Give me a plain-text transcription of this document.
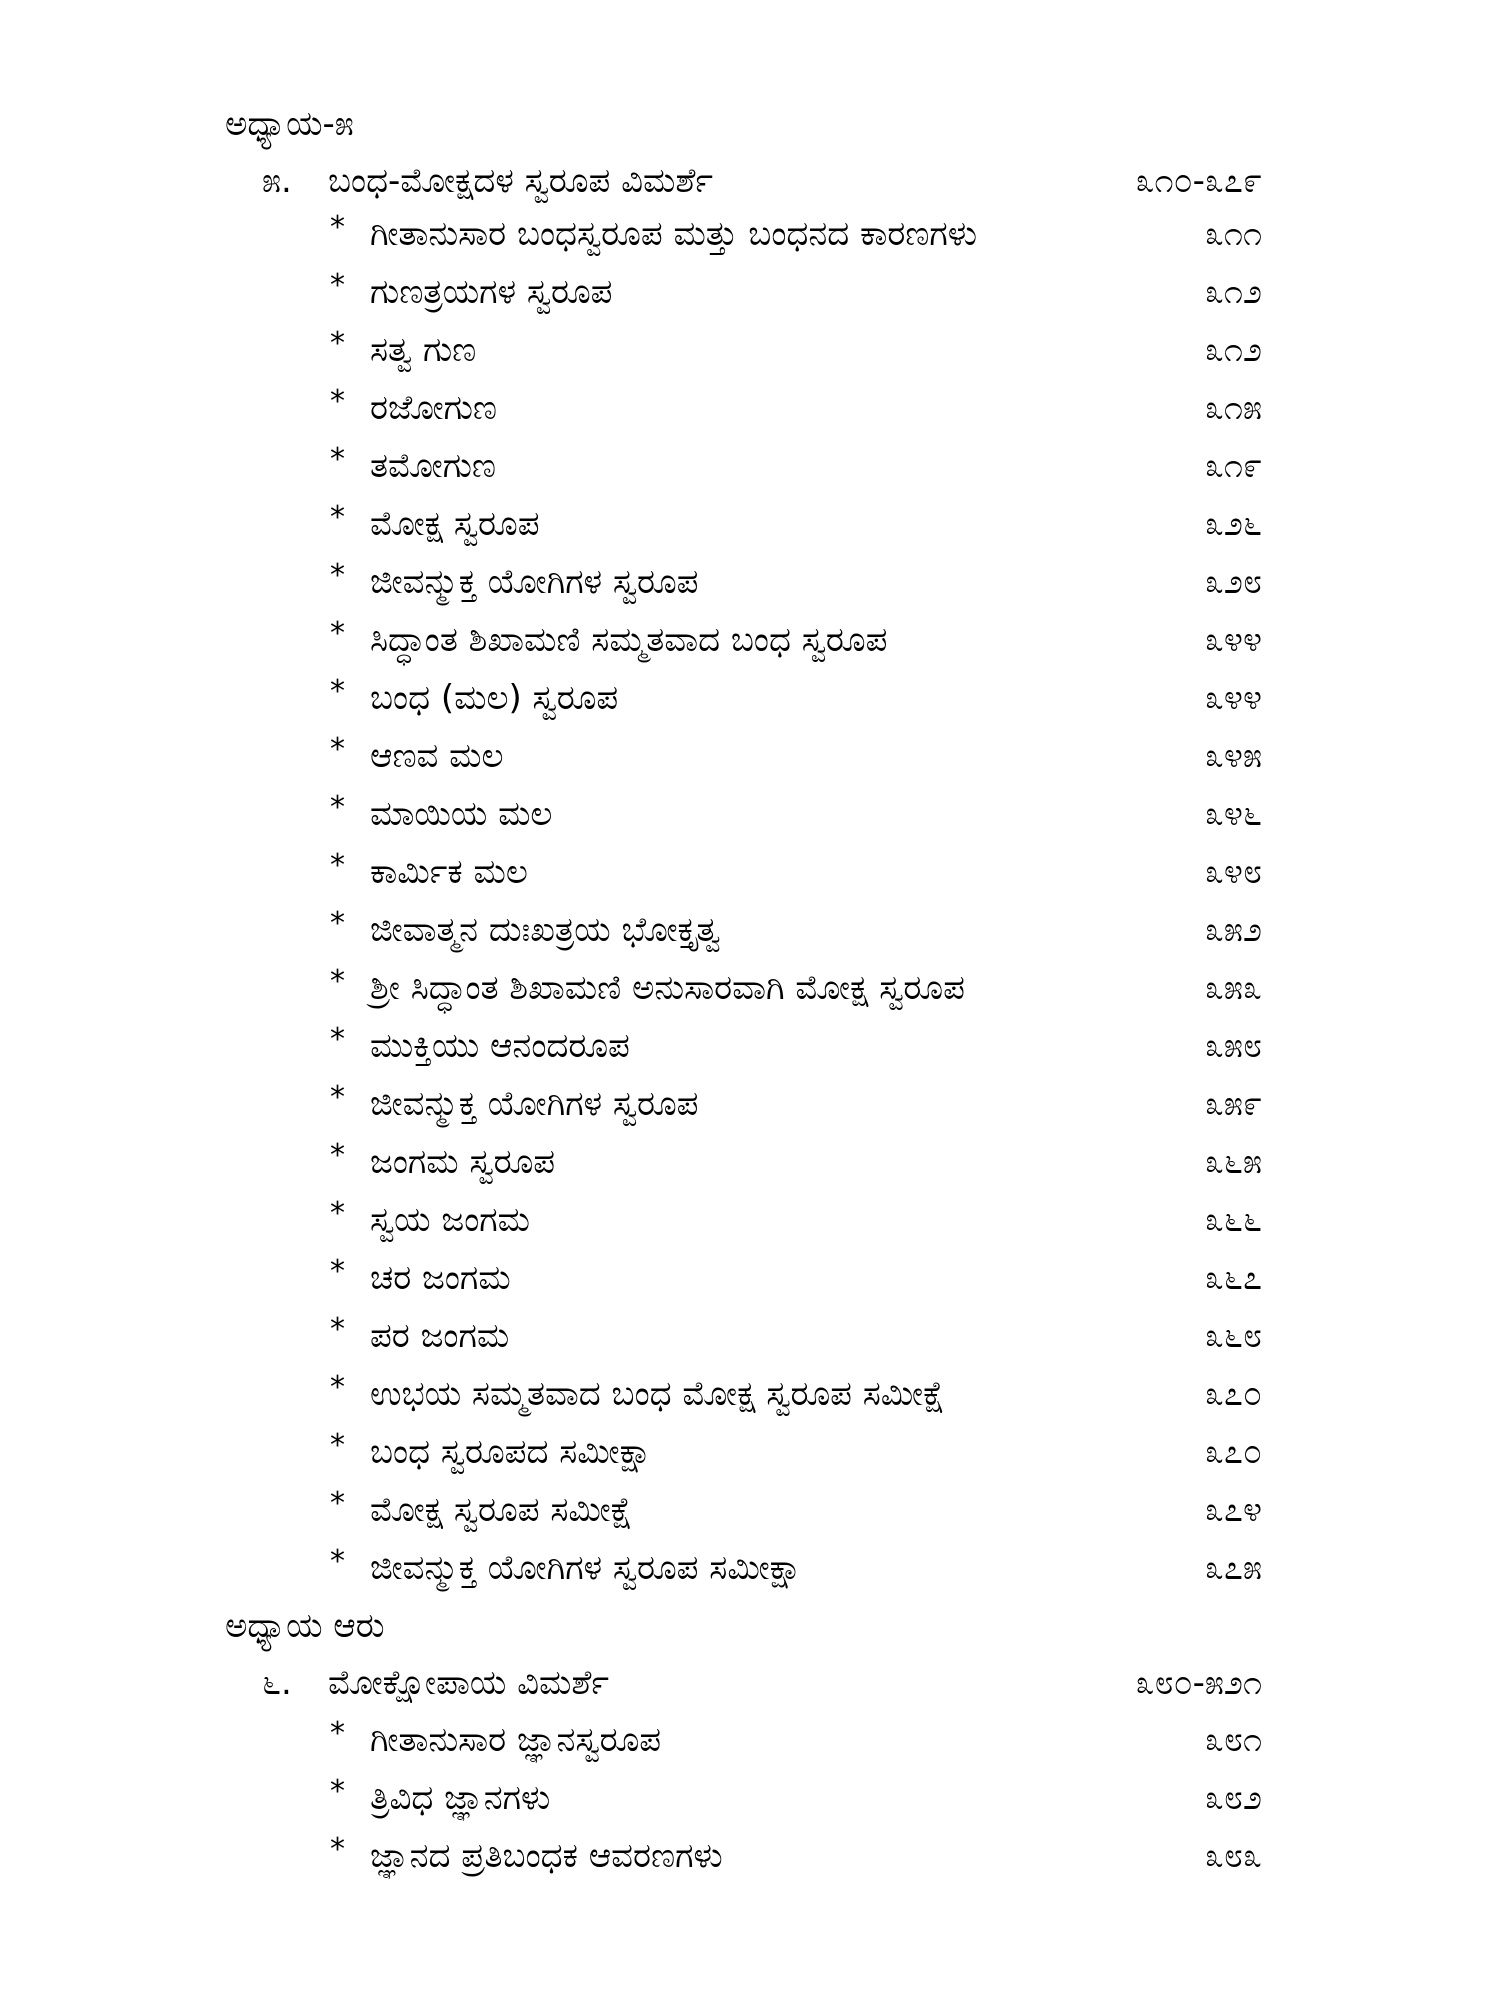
ಅಧ್ಯಾಯ-೫
೫. ಬಂಧ-ಮೋಕ್ಷದಳ ಸ್ವರೂಪ ವಿಮರ್ಶೆ	೩೧೦-೩೭೯
* ಗೀತಾನುಸಾರ ಬಂಧಸ್ವರೂಪ ಮತ್ತು ಬಂಧನದ ಕಾರಣಗಳು	೩೧೧
* ಗುಣತ್ರಯಗಳ ಸ್ವರೂಪ	೩೧೨
* ಸತ್ವ ಗುಣ	೩೧೨
* ರಜೋಗುಣ	೩೧೫
* ತಮೋಗುಣ	೩೧೯
* ಮೋಕ್ಷ ಸ್ವರೂಪ	೩೨೬
* ಜೀವನ್ಮುಕ್ತ ಯೋಗಿಗಳ ಸ್ವರೂಪ	೩೨೮
* ಸಿದ್ಧಾಂತ ಶಿಖಾಮಣಿ ಸಮ್ಮತವಾದ ಬಂಧ ಸ್ವರೂಪ	೩೪೪
* ಬಂಧ (ಮಲ) ಸ್ವರೂಪ	೩೪೪
* ಆಣವ ಮಲ	೩೪೫
* ಮಾಯಿಯ ಮಲ	೩೪೬
* ಕಾರ್ಮಿಕ ಮಲ	೩೪೮
* ಜೀವಾತ್ಮನ ದುಃಖತ್ರಯ ಭೋಕ್ತೃತ್ವ	೩೫೨
* ಶ್ರೀ ಸಿದ್ಧಾಂತ ಶಿಖಾಮಣಿ ಅನುಸಾರವಾಗಿ ಮೋಕ್ಷ ಸ್ವರೂಪ	೩೫೩
* ಮುಕ್ತಿಯು ಆನಂದರೂಪ	೩೫೮
* ಜೀವನ್ಮುಕ್ತ ಯೋಗಿಗಳ ಸ್ವರೂಪ	೩೫೯
* ಜಂಗಮ ಸ್ವರೂಪ	೩೬೫
* ಸ್ವಯ ಜಂಗಮ	೩೬೬
* ಚರ ಜಂಗಮ	೩೬೭
* ಪರ ಜಂಗಮ	೩೬೮
* ಉಭಯ ಸಮ್ಮತವಾದ ಬಂಧ ಮೋಕ್ಷ ಸ್ವರೂಪ ಸಮೀಕ್ಷೆ	೩೭೦
* ಬಂಧ ಸ್ವರೂಪದ ಸಮೀಕ್ಷಾ	೩೭೦
* ಮೋಕ್ಷ ಸ್ವರೂಪ ಸಮೀಕ್ಷೆ	೩೭೪
* ಜೀವನ್ಮುಕ್ತ ಯೋಗಿಗಳ ಸ್ವರೂಪ ಸಮೀಕ್ಷಾ	೩೭೫
ಅಧ್ಯಾಯ ಆರು
೬. ಮೋಕ್ಷೋಪಾಯ ವಿಮರ್ಶೆ	೩೮೦-೫೨೧
* ಗೀತಾನುಸಾರ ಜ್ಞಾನಸ್ವರೂಪ	೩೮೧
* ತ್ರಿವಿಧ ಜ್ಞಾನಗಳು	೩೮೨
* ಜ್ಞಾನದ ಪ್ರತಿಬಂಧಕ ಆವರಣಗಳು	೩೮೩
